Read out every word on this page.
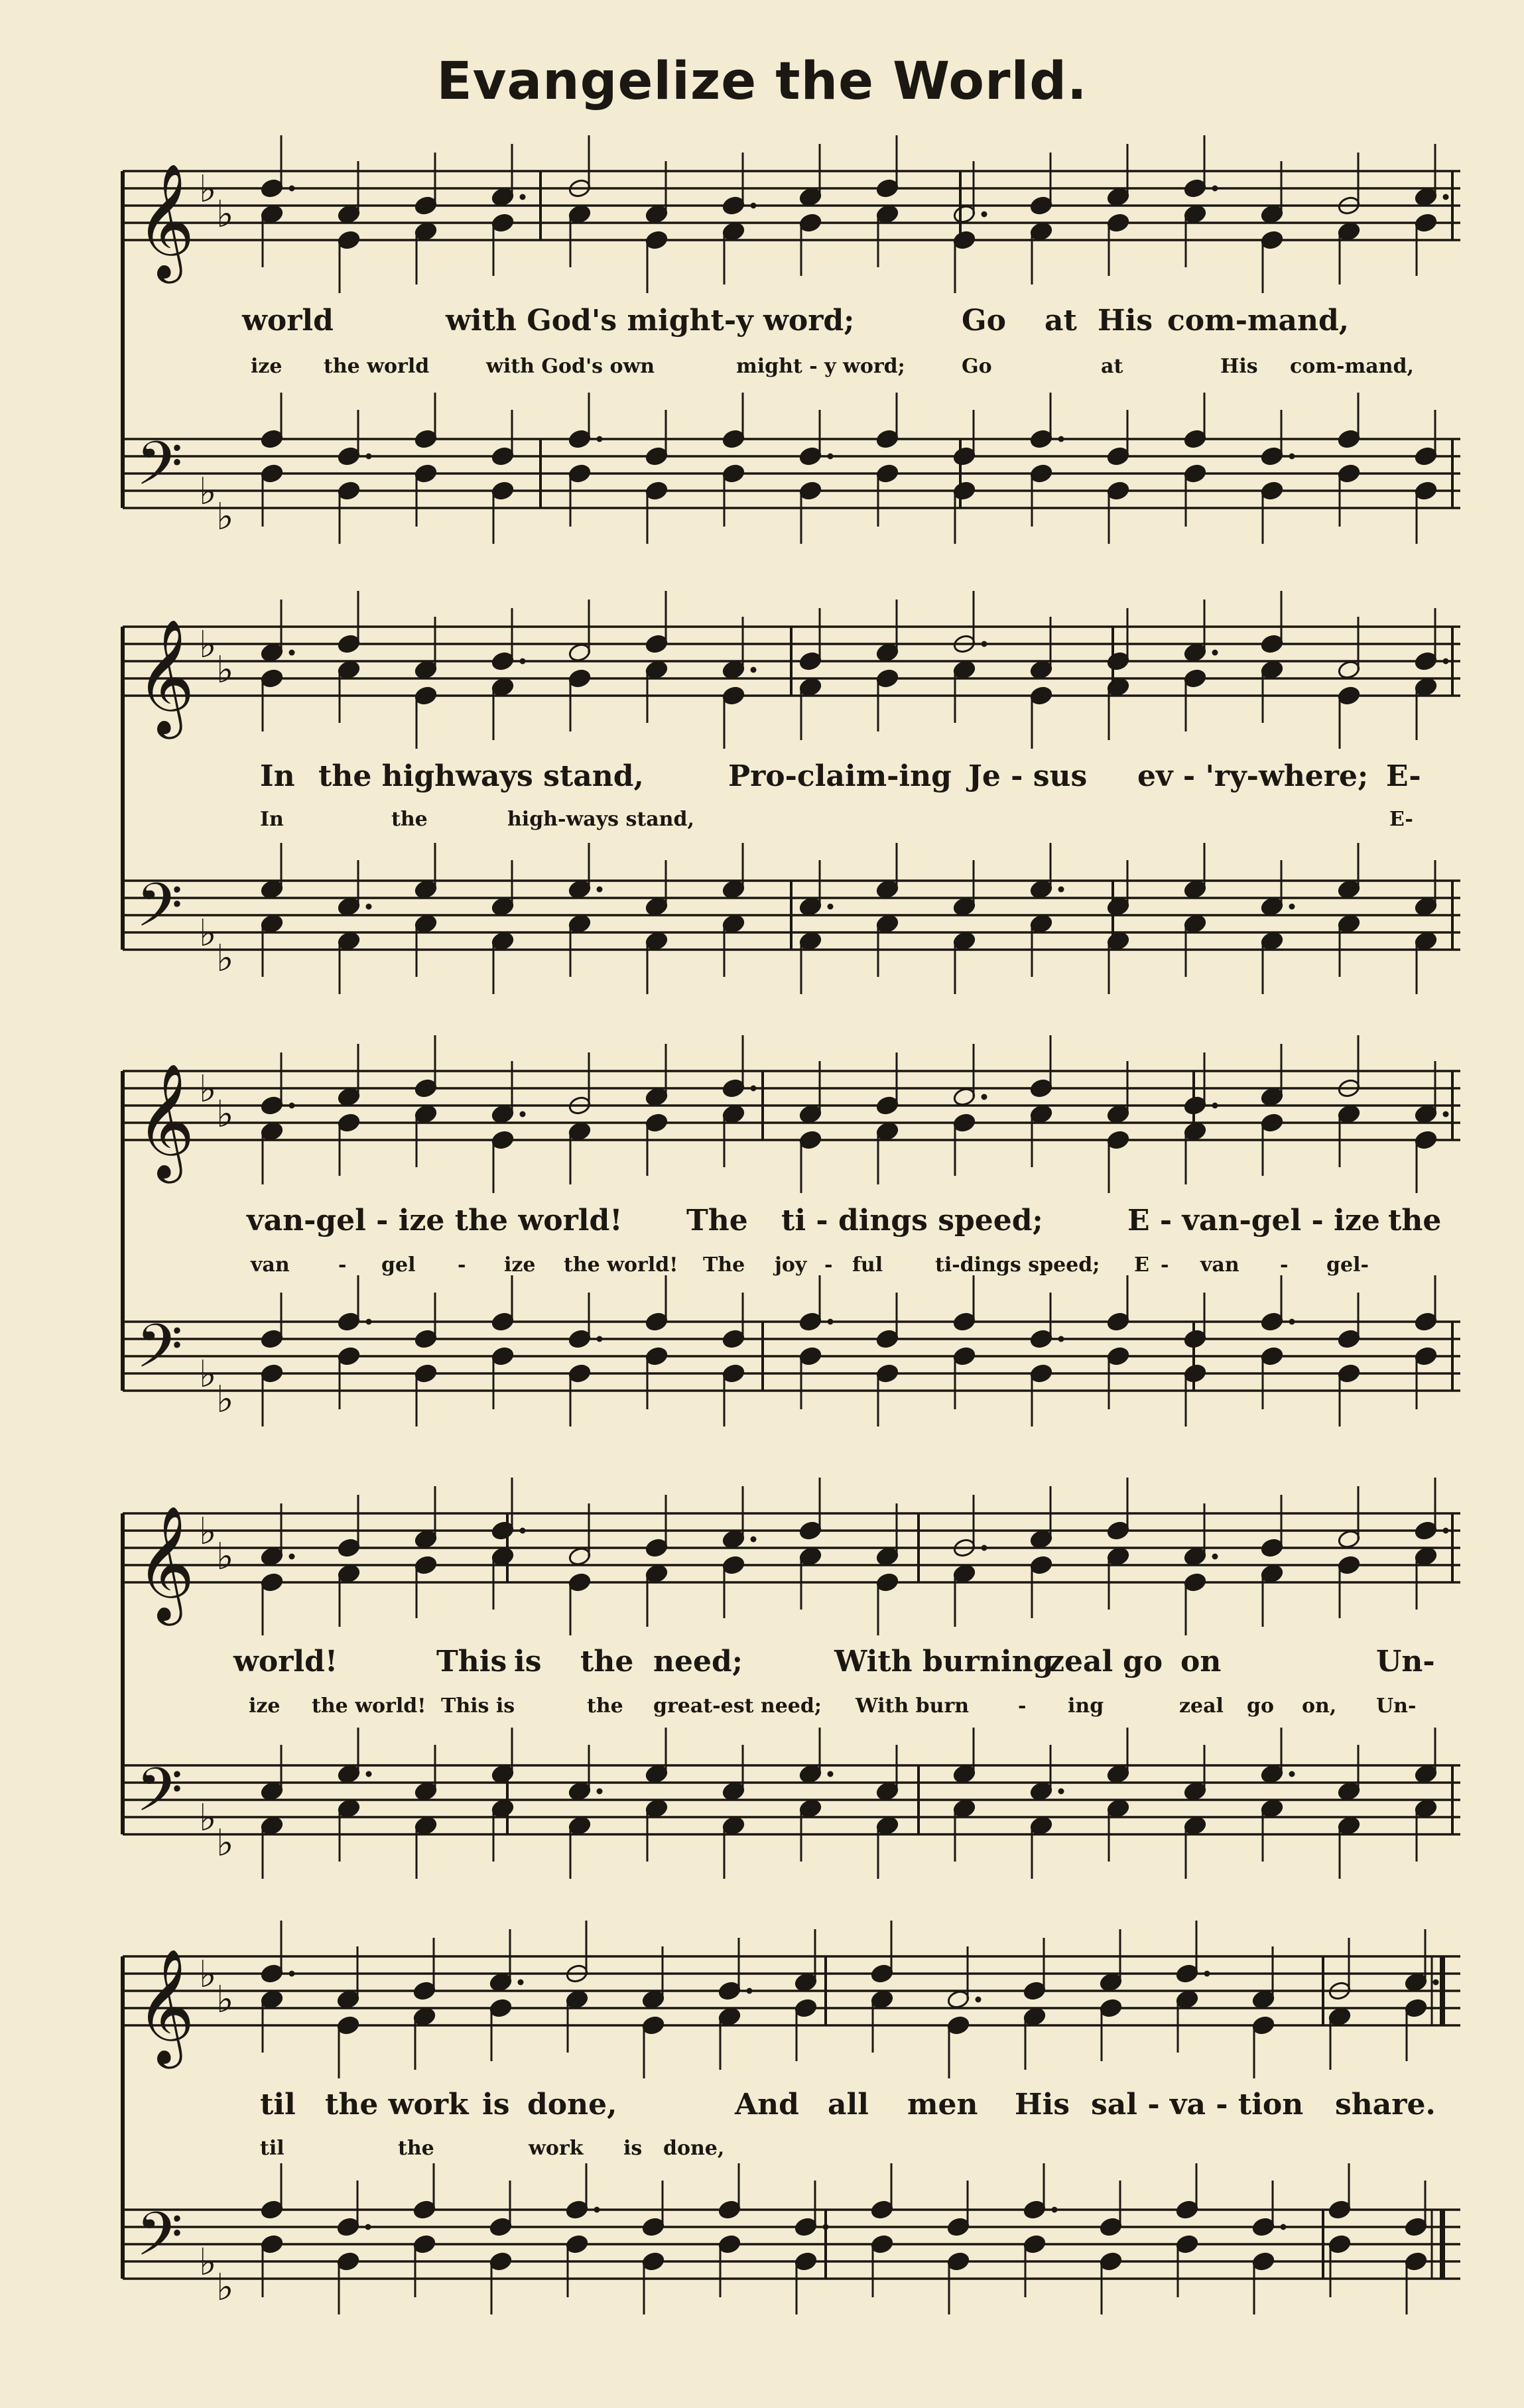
Evangelize the World.
𝄞
𝄢
♭
♭
♭
♭
𝄞
𝄢
♭
♭
♭
♭
𝄞
𝄢
♭
♭
♭
♭
𝄞
𝄢
♭
♭
♭
♭
𝄞
𝄢
♭
♭
♭
♭
world	with God's might-y word;	Go at His com-mand,
ize the world	with God's own	might - y word;	Go	at	His com-mand,
In the highways stand,	Pro-claim-ing Je - sus ev - 'ry-where; E-
In	the	high-ways stand,	E-
van-gel - ize the world! The ti - dings speed;	E - van-gel - ize the
van - gel - ize the world! The joy - ful	ti-dings speed; E - van - gel-
world!	This is the need;	With burning
zeal go on	Un-
ize the world! This is	the great-est need; With burn - ing	zeal go on, Un-
til the work is done,	And all men His sal - va - tion share.
til	the	work is done,
